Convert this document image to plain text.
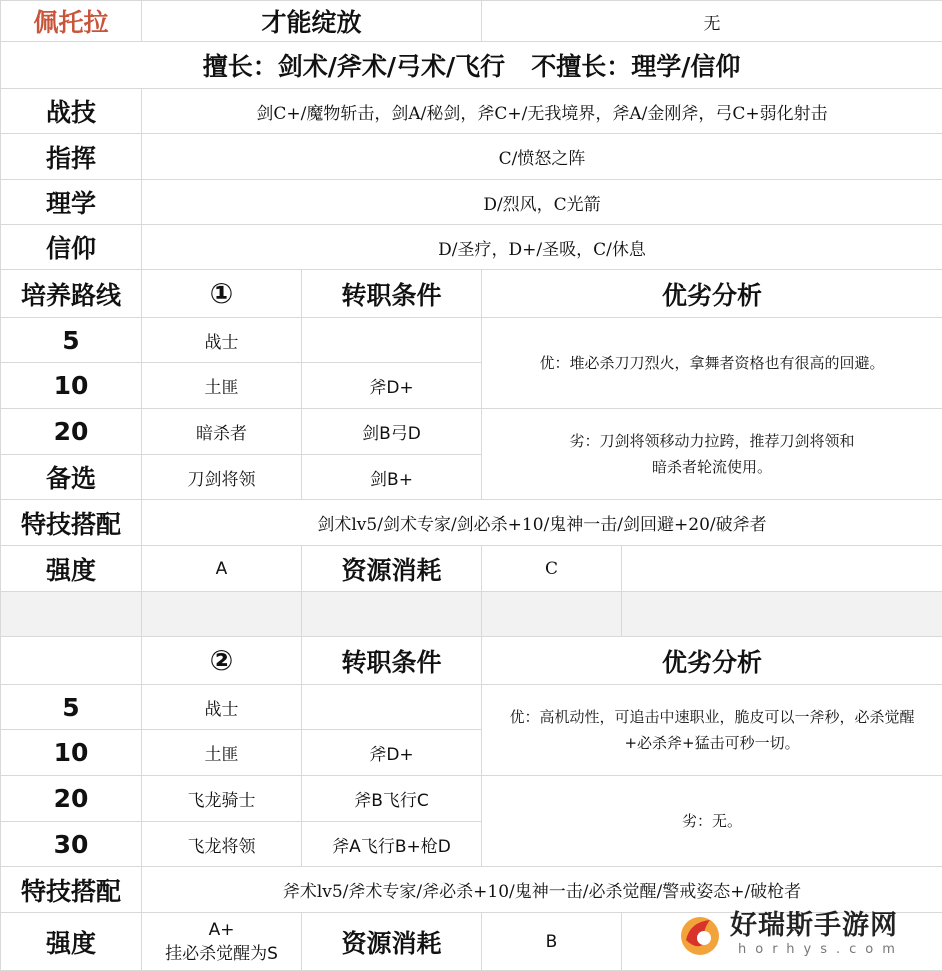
佩托拉	才能绽放		无	
擅长：剑术/斧术/弓术/飞行   不擅长：理学/信仰				
战技	剑C+/魔物斩击，剑A/秘剑，斧C+/无我境界，斧A/金刚斧，弓C+弱化射击			
指挥	C/愤怒之阵			
理学	D/烈风，C光箭			
信仰	D/圣疗，D+/圣吸，C/休息			
培养路线	①	转职条件	优劣分析	
5	战士		优：堆必杀刀刀烈火，拿舞者资格也有很高的回避。	
10	土匪	斧D+		
20	暗杀者	剑B弓D	劣：刀剑将领移动力拉跨，推荐刀剑将领和
暗杀者轮流使用。	

备选	刀剑将领	剑B+		
特技搭配	剑术lv5/剑术专家/剑必杀+10/鬼神一击/剑回避+20/破斧者			
强度	A	资源消耗	C	

	②	转职条件	优劣分析	
5	战士		优：高机动性，可追击中速职业，脆皮可以一斧秒，必杀觉醒
+必杀斧+猛击可秒一切。	

10	土匪	斧D+		
20	飞龙骑士	斧B飞行C	劣：无。	
30	飞龙将领	斧A飞行B+枪D		
特技搭配	斧术lv5/斧术专家/斧必杀+10/鬼神一击/必杀觉醒/警戒姿态+/破枪者			
强度	A+
挂必杀觉醒为S	资源消耗	B	
好瑞斯手游网
horhys.com
